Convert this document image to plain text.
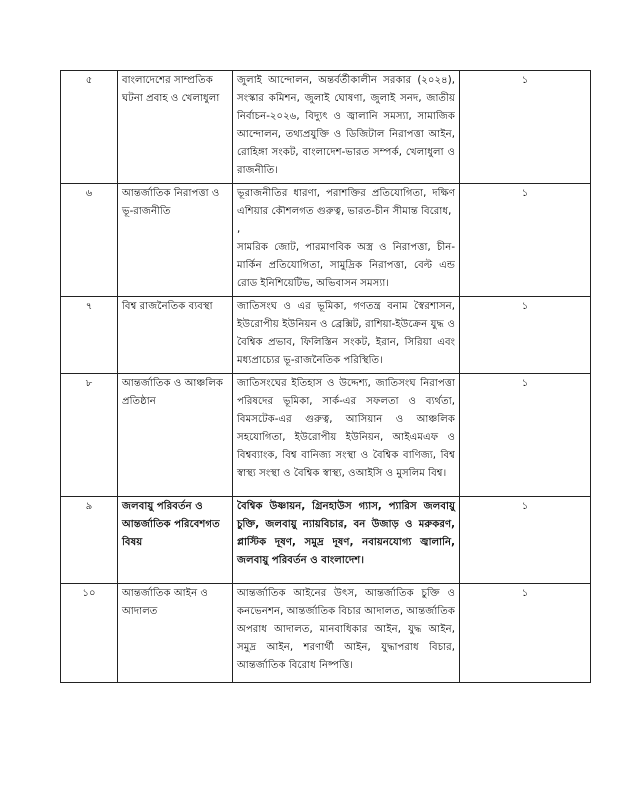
৫	বাংলাদেশের সাম্প্রতিক ঘটনা প্রবাহ ও খেলাধুলা	জুলাই আন্দোলন, অন্তর্বর্তীকালীন সরকার (২০২৪), সংস্কার কমিশন, জুলাই ঘোষণা, জুলাই সনদ, জাতীয় নির্বাচন-২০২৬, বিদ্যুৎ ও জ্বালানি সমস্যা, সামাজিক আন্দোলন, তথ্যপ্রযুক্তি ও ডিজিটাল নিরাপত্তা আইন, রোহিঙ্গা সংকট, বাংলাদেশ-ভারত সম্পর্ক, খেলাধুলা ও রাজনীতি।	১
৬	আন্তর্জাতিক নিরাপত্তা ও ভূ-রাজনীতি	ভূরাজনীতির ধারণা, পরাশক্তির প্রতিযোগিতা, দক্ষিণ এশিয়ার কৌশলগত গুরুত্ব, ভারত-চীন সীমান্ত বিরোধ,
,
সামরিক জোট, পারমাণবিক অস্ত্র ও নিরাপত্তা, চীন-মার্কিন প্রতিযোগিতা, সামুদ্রিক নিরাপত্তা, বেল্ট এন্ড রোড ইনিশিয়েটিভ, অভিবাসন সমস্যা।	১
৭	বিশ্ব রাজনৈতিক ব্যবস্থা	জাতিসংঘ ও এর ভূমিকা, গণতন্ত্র বনাম স্বৈরশাসন, ইউরোপীয় ইউনিয়ন ও ব্রেক্সিট, রাশিয়া-ইউক্রেন যুদ্ধ ও বৈশ্বিক প্রভাব, ফিলিস্তিন সংকট, ইরান, সিরিয়া এবং মধ্যপ্রাচ্যের ভূ-রাজনৈতিক পরিস্থিতি।	১
৮	আন্তর্জাতিক ও আঞ্চলিক প্রতিষ্ঠান	জাতিসংঘের ইতিহাস ও উদ্দেশ্য, জাতিসংঘ নিরাপত্তা পরিষদের ভূমিকা, সার্ক-এর সফলতা ও ব্যর্থতা, বিমসটেক-এর গুরুত্ব, আসিয়ান ও আঞ্চলিক সহযোগিতা, ইউরোপীয় ইউনিয়ন, আইএমএফ ও বিশ্বব্যাংক, বিশ্ব বানিজ্য সংস্থা ও বৈশ্বিক বাণিজ্য, বিশ্ব স্বাস্থ্য সংস্থা ও বৈশ্বিক স্বাস্থ্য, ওআইসি ও মুসলিম বিশ্ব।	১
৯	জলবায়ু পরিবর্তন ও আন্তর্জাতিক পরিবেশগত বিষয়	বৈশ্বিক উষ্ণায়ন, গ্রিনহাউস গ্যাস, প্যারিস জলবায়ু চুক্তি, জলবায়ু ন্যায়বিচার, বন উজাড় ও মরুকরণ, প্লাস্টিক দূষণ, সমুদ্র দূষণ, নবায়নযোগ্য জ্বালানি, জলবায়ু পরিবর্তন ও বাংলাদেশ।	১
১০	আন্তর্জাতিক আইন ও আদালত	আন্তর্জাতিক আইনের উৎস, আন্তর্জাতিক চুক্তি ও কনভেনশন, আন্তর্জাতিক বিচার আদালত, আন্তর্জাতিক অপরাধ আদালত, মানবাধিকার আইন, যুদ্ধ আইন, সমুদ্র আইন, শরণার্থী আইন, যুদ্ধাপরাধ বিচার, আন্তর্জাতিক বিরোধ নিষ্পত্তি।	১
